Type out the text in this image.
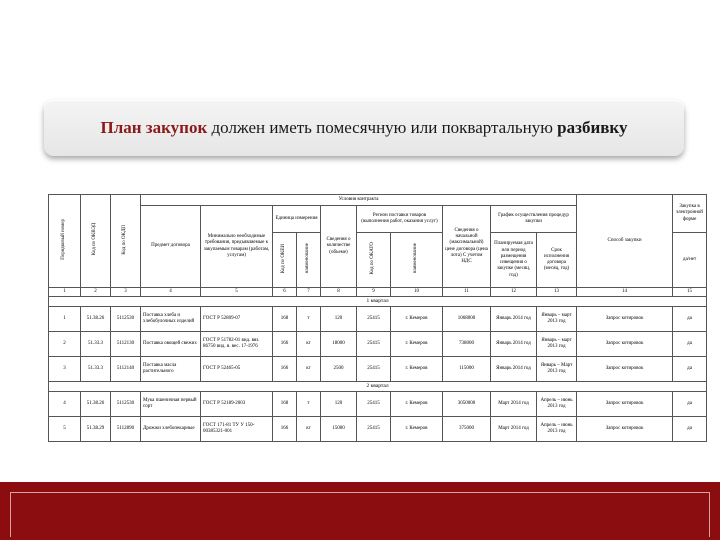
План закупок должен иметь помесячную или поквартальную разбивку
Порядковый номер	Код по ОКВЭД	Код по ОКДП	Условия контракта										Способ закупки	Закупка в электронной форме
			Предмет договора	Минимально необходимые требования, предъявляемые к закупаемым товарам (работам, услугам)	Единица измерения		Сведения о количестве (объеме)	Регион поставки товаров (выполнения работ, оказания услуг)		Сведения о начальной (максимальной) цене договора (цена лота) С учетом НДС	График осуществления процедур закупки			
					Код по ОКЕИ	наименование		Код по ОКАТО	наименование		Планируемая дата или период размещения извещения о закупке (месяц, год)	Срок исполнения договора (месяц, год)		да/нет
1	2	3	4	5	6	7	8	9	10	11	12	13	14	15
1 квартал														
1	51.38.26	5112530	Поставка хлеба и хлебобулочных изделий	ГОСТ Р 52809-07	168	т	120	25415	г. Кемеров	1068000	Январь 2014 год	Январь – март 2013 год	Запрос котировок	да
2	51.33.3	5112130	Поставка овощей свежих	ГОСТ Р 51782-01 вид. вяз. 86750 вид. в. вес. 17-1976	166	кг	18000	25415	г. Кемеров	738000	Январь 2014 год	Январь – март 2013 год	Запрос котировок	да
3	51.33.3	5112140	Поставка масла растительного	ГОСТ Р 52465-05	166	кг	2500	25415	г. Кемеров	115000	Январь 2014 год	Январь – Март 2013 год	Запрос котировок	да
2 квартал														
4	51.38.26	5112530	Мука пшеничная первый сорт	ГОСТ Р 52189-2003	168	т	120	25415	г. Кемеров	3050000	Март 2014 год	Апрель – июнь 2013 год	Запрос котировок	да
5	51.38.29	5112890	Дрожжи хлебопекарные	ГОСТ 171-81 ТУ У 150-00385321-001	166	кг	15000	25415	г. Кемеров	375000	Март 2014 год	Апрель – июнь 2013 год	Запрос котировок	да
